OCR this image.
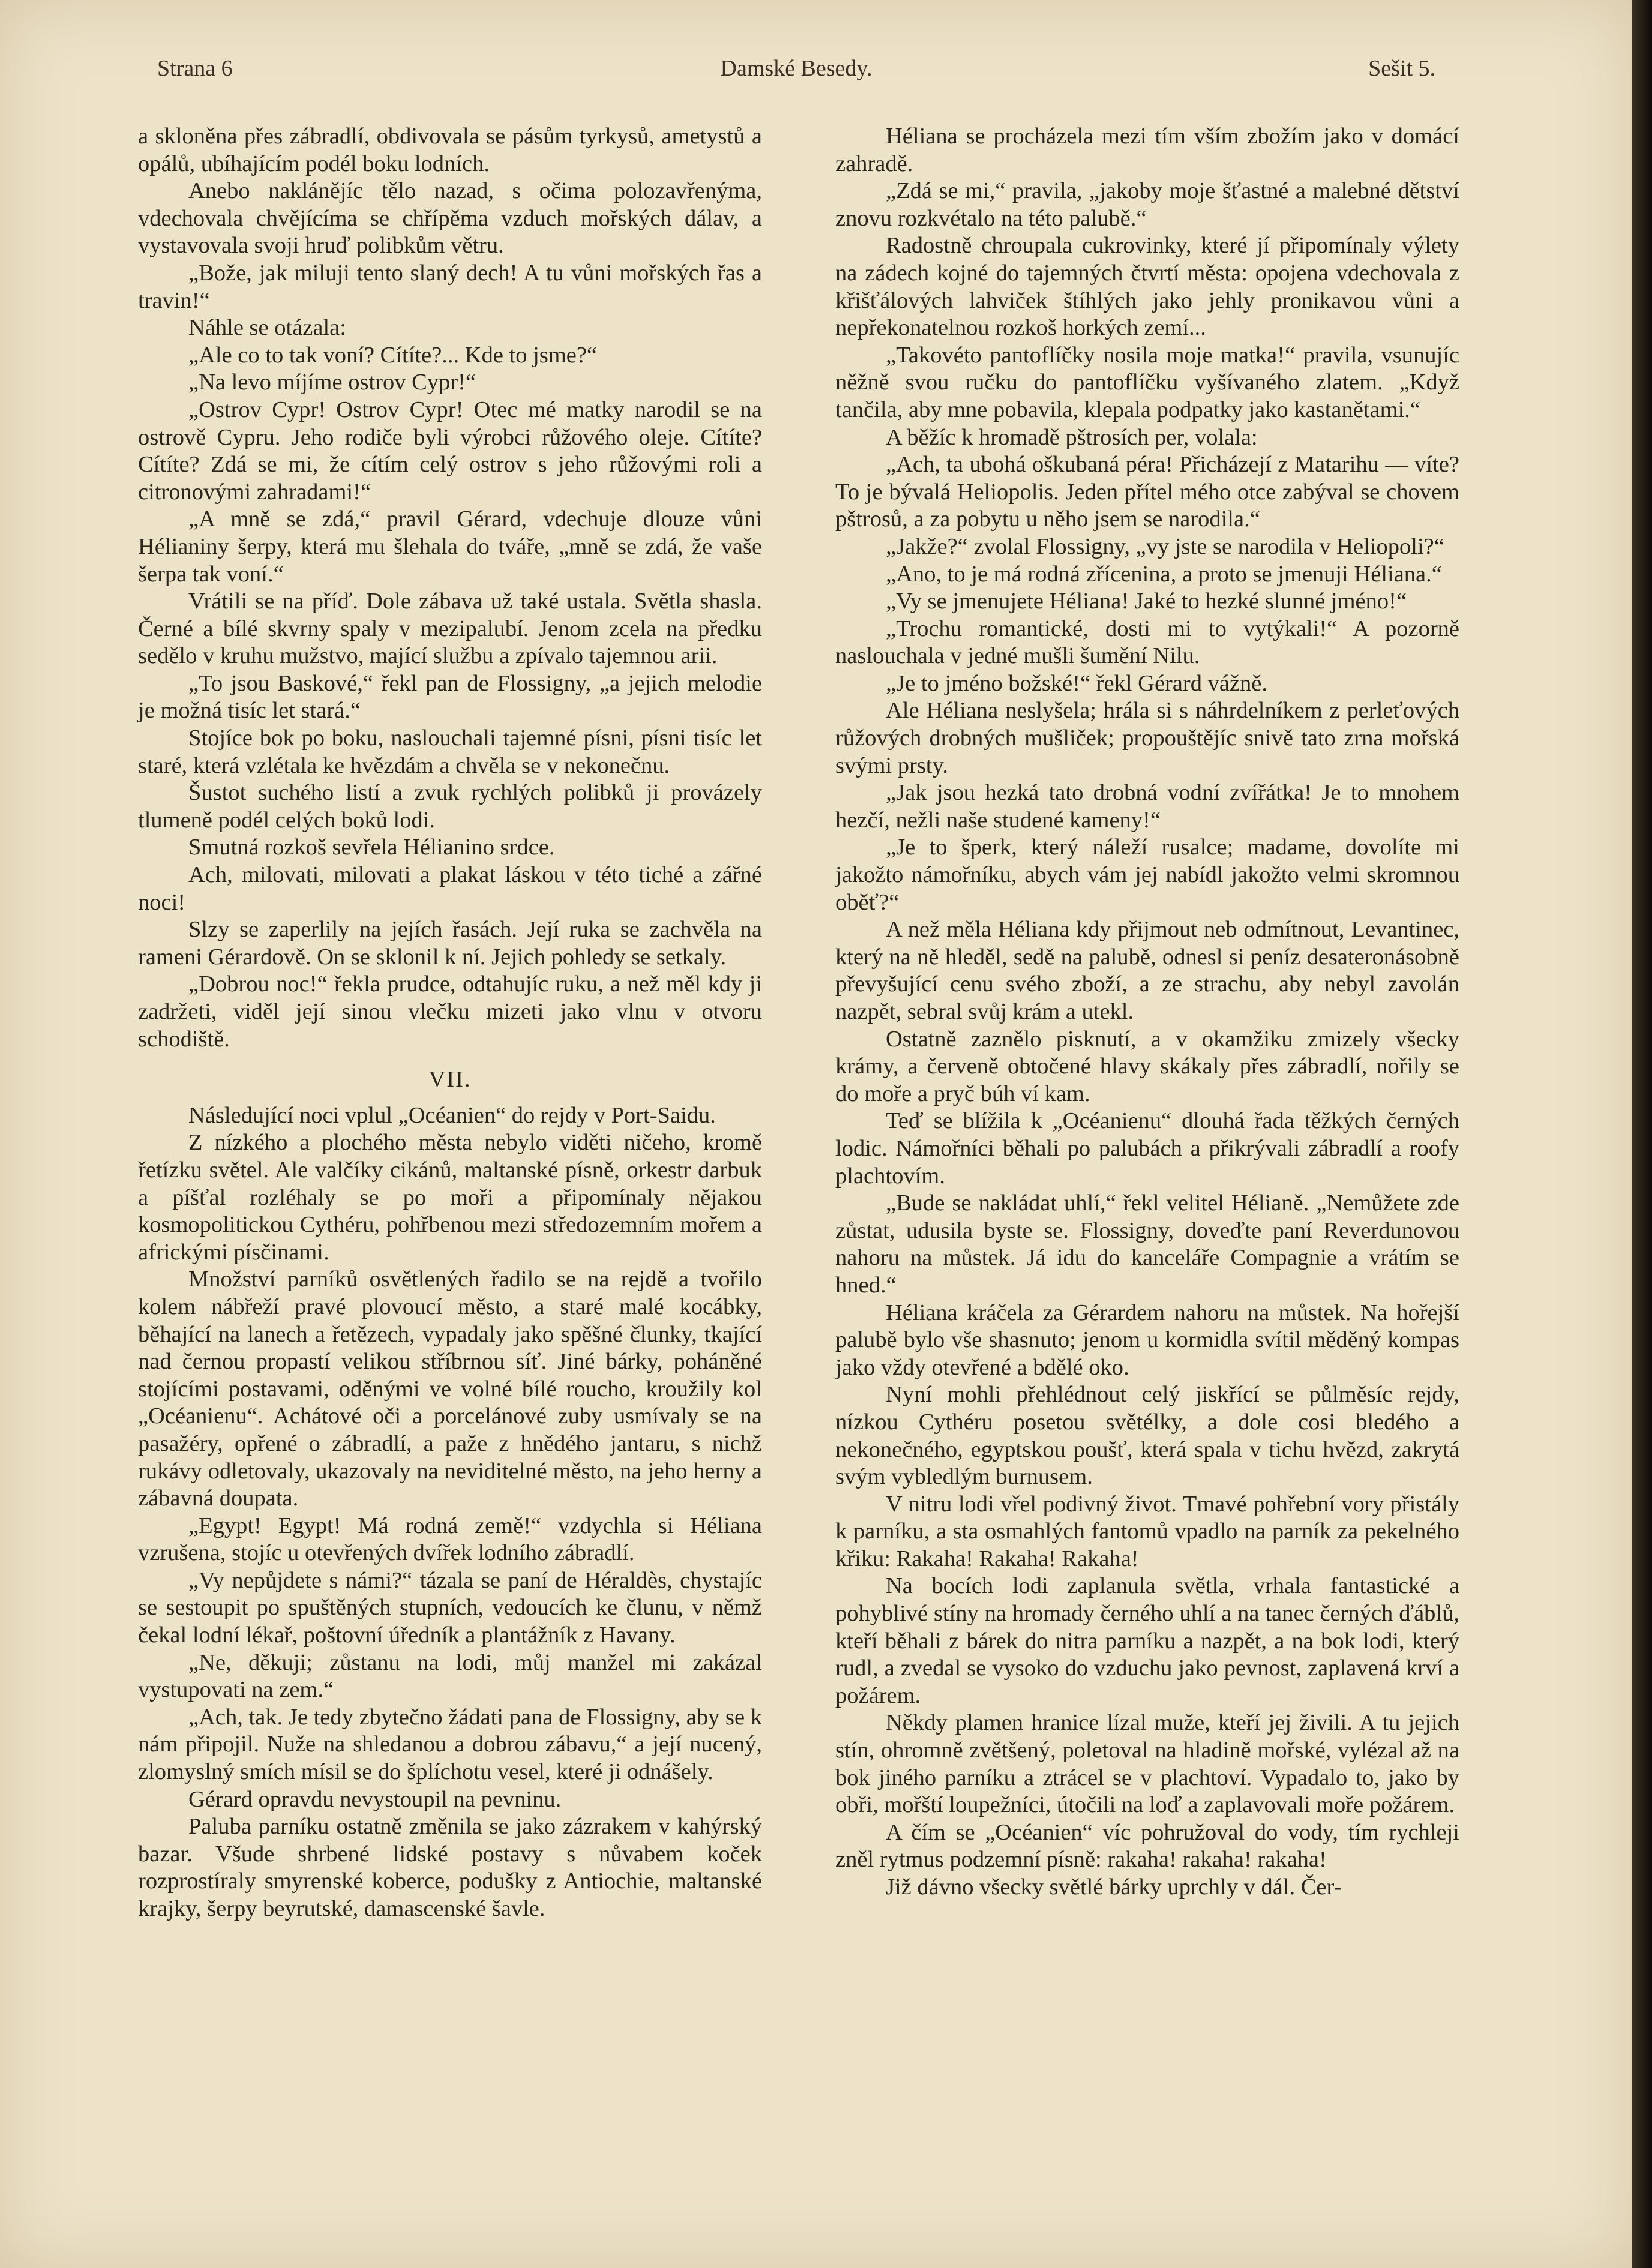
Strana 6	Damské Besedy.	Sešit 5.

a skloněna přes zábradlí, obdivovala se pásům tyrkysů, ametystů a opálů, ubíhajícím podél boku lodních.

Anebo naklánějíc tělo nazad, s očima polozavřenýma, vdechovala chvějícíma se chřípěma vzduch mořských dálav, a vystavovala svoji hruď polibkům větru.

„Bože, jak miluji tento slaný dech! A tu vůni mořských řas a travin!“

Náhle se otázala:

„Ale co to tak voní? Cítíte?... Kde to jsme?“

„Na levo míjíme ostrov Cypr!“

„Ostrov Cypr! Ostrov Cypr! Otec mé matky narodil se na ostrově Cypru. Jeho rodiče byli výrobci růžového oleje. Cítíte? Cítíte? Zdá se mi, že cítím celý ostrov s jeho růžovými roli a citronovými zahradami!“

„A mně se zdá,“ pravil Gérard, vdechuje dlouze vůni Hélianiny šerpy, která mu šlehala do tváře, „mně se zdá, že vaše šerpa tak voní.“

Vrátili se na příď. Dole zábava už také ustala. Světla shasla. Černé a bílé skvrny spaly v mezipalubí. Jenom zcela na předku sedělo v kruhu mužstvo, mající službu a zpívalo tajemnou arii.

„To jsou Baskové,“ řekl pan de Flossigny, „a jejich melodie je možná tisíc let stará.“

Stojíce bok po boku, naslouchali tajemné písni, písni tisíc let staré, která vzlétala ke hvězdám a chvěla se v nekonečnu.

Šustot suchého listí a zvuk rychlých polibků ji provázely tlumeně podél celých boků lodi.

Smutná rozkoš sevřela Hélianino srdce.

Ach, milovati, milovati a plakat láskou v této tiché a zářné noci!

Slzy se zaperlily na jejích řasách. Její ruka se zachvěla na rameni Gérardově. On se sklonil k ní. Jejich pohledy se setkaly.

„Dobrou noc!“ řekla prudce, odtahujíc ruku, a než měl kdy ji zadržeti, viděl její sinou vlečku mizeti jako vlnu v otvoru schodiště.

VII.

Následující noci vplul „Océanien“ do rejdy v Port-Saidu.

Z nízkého a plochého města nebylo viděti ničeho, kromě řetízku světel. Ale valčíky cikánů, maltanské písně, orkestr darbuk a píšťal rozléhaly se po moři a připomínaly nějakou kosmopolitickou Cythéru, pohřbenou mezi středozemním mořem a africkými písčinami.

Množství parníků osvětlených řadilo se na rejdě a tvořilo kolem nábřeží pravé plovoucí město, a staré malé kocábky, běhající na lanech a řetězech, vypadaly jako spěšné člunky, tkající nad černou propastí velikou stříbrnou síť. Jiné bárky, poháněné stojícími postavami, oděnými ve volné bílé roucho, kroužily kol „Océanienu“. Achátové oči a porcelánové zuby usmívaly se na pasažéry, opřené o zábradlí, a paže z hnědého jantaru, s nichž rukávy odletovaly, ukazovaly na neviditelné město, na jeho herny a zábavná doupata.

„Egypt! Egypt! Má rodná země!“ vzdychla si Héliana vzrušena, stojíc u otevřených dvířek lodního zábradlí.

„Vy nepůjdete s námi?“ tázala se paní de Héraldès, chystajíc se sestoupit po spuštěných stupních, vedoucích ke člunu, v němž čekal lodní lékař, poštovní úředník a plantážník z Havany.

„Ne, děkuji; zůstanu na lodi, můj manžel mi zakázal vystupovati na zem.“

„Ach, tak. Je tedy zbytečno žádati pana de Flossigny, aby se k nám připojil. Nuže na shledanou a dobrou zábavu,“ a její nucený, zlomyslný smích mísil se do šplíchotu vesel, které ji odnášely.

Gérard opravdu nevystoupil na pevninu.

Paluba parníku ostatně změnila se jako zázrakem v kahýrský bazar. Všude shrbené lidské postavy s nůvabem koček rozprostíraly smyrenské koberce, podušky z Antiochie, maltanské krajky, šerpy beyrutské, damascenské šavle.

Héliana se procházela mezi tím vším zbožím jako v domácí zahradě.

„Zdá se mi,“ pravila, „jakoby moje šťastné a malebné dětství znovu rozkvétalo na této palubě.“

Radostně chroupala cukrovinky, které jí připomínaly výlety na zádech kojné do tajemných čtvrtí města: opojena vdechovala z křišťálových lahviček štíhlých jako jehly pronikavou vůni a nepřekonatelnou rozkoš horkých zemí...

„Takovéto pantoflíčky nosila moje matka!“ pravila, vsunujíc něžně svou ručku do pantoflíčku vyšívaného zlatem. „Když tančila, aby mne pobavila, klepala podpatky jako kastanětami.“

A běžíc k hromadě pštrosích per, volala:

„Ach, ta ubohá oškubaná péra! Přicházejí z Matarihu — víte? To je bývalá Heliopolis. Jeden přítel mého otce zabýval se chovem pštrosů, a za pobytu u něho jsem se narodila.“

„Jakže?“ zvolal Flossigny, „vy jste se narodila v Heliopoli?“

„Ano, to je má rodná zřícenina, a proto se jmenuji Héliana.“

„Vy se jmenujete Héliana! Jaké to hezké slunné jméno!“

„Trochu romantické, dosti mi to vytýkali!“ A pozorně naslouchala v jedné mušli šumění Nilu.

„Je to jméno božské!“ řekl Gérard vážně.

Ale Héliana neslyšela; hrála si s náhrdelníkem z perleťových růžových drobných mušliček; propouštějíc snivě tato zrna mořská svými prsty.

„Jak jsou hezká tato drobná vodní zvířátka! Je to mnohem hezčí, nežli naše studené kameny!“

„Je to šperk, který náleží rusalce; madame, dovolíte mi jakožto námořníku, abych vám jej nabídl jakožto velmi skromnou oběť?“

A než měla Héliana kdy přijmout neb odmítnout, Levantinec, který na ně hleděl, sedě na palubě, odnesl si peníz desateronásobně převyšující cenu svého zboží, a ze strachu, aby nebyl zavolán nazpět, sebral svůj krám a utekl.

Ostatně zaznělo pisknutí, a v okamžiku zmizely všecky krámy, a červeně obtočené hlavy skákaly přes zábradlí, nořily se do moře a pryč búh ví kam.

Teď se blížila k „Océanienu“ dlouhá řada těžkých černých lodic. Námořníci běhali po palubách a přikrývali zábradlí a roofy plachtovím.

„Bude se nakládat uhlí,“ řekl velitel Hélianě. „Nemůžete zde zůstat, udusila byste se. Flossigny, doveďte paní Reverdunovou nahoru na můstek. Já idu do kanceláře Compagnie a vrátím se hned.“

Héliana kráčela za Gérardem nahoru na můstek. Na hořejší palubě bylo vše shasnuto; jenom u kormidla svítil měděný kompas jako vždy otevřené a bdělé oko.

Nyní mohli přehlédnout celý jiskřící se půlměsíc rejdy, nízkou Cythéru posetou světélky, a dole cosi bledého a nekonečného, egyptskou poušť, která spala v tichu hvězd, zakrytá svým vybledlým burnusem.

V nitru lodi vřel podivný život. Tmavé pohřební vory přistály k parníku, a sta osmahlých fantomů vpadlo na parník za pekelného křiku: Rakaha! Rakaha! Rakaha!

Na bocích lodi zaplanula světla, vrhala fantastické a pohyblivé stíny na hromady černého uhlí a na tanec černých ďáblů, kteří běhali z bárek do nitra parníku a nazpět, a na bok lodi, který rudl, a zvedal se vysoko do vzduchu jako pevnost, zaplavená krví a požárem.

Někdy plamen hranice lízal muže, kteří jej živili. A tu jejich stín, ohromně zvětšený, poletoval na hladině mořské, vylézal až na bok jiného parníku a ztrácel se v plachtoví. Vypadalo to, jako by obři, mořští loupežníci, útočili na loď a zaplavovali moře požárem.

A čím se „Océanien“ víc pohružoval do vody, tím rychleji zněl rytmus podzemní písně: rakaha! rakaha! rakaha!

Již dávno všecky světlé bárky uprchly v dál. Čer-
